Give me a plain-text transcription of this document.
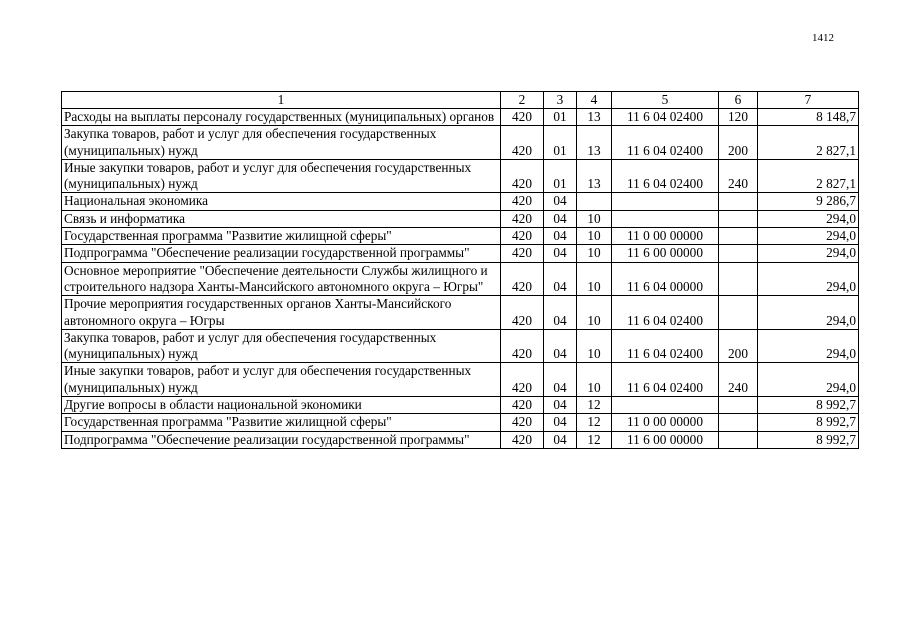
1412
1	2	3	4	5	6	7
Расходы на выплаты персоналу государственных (муниципальных) органов	420	01	13	11 6 04 02400	120	8 148,7
Закупка товаров, работ и услуг для обеспечения государственных (муниципальных) нужд	420	01	13	11 6 04 02400	200	2 827,1
Иные закупки товаров, работ и услуг для обеспечения государственных (муниципальных) нужд	420	01	13	11 6 04 02400	240	2 827,1
Национальная экономика	420	04				9 286,7
Связь и информатика	420	04	10			294,0
Государственная программа "Развитие жилищной сферы"	420	04	10	11 0 00 00000		294,0
Подпрограмма "Обеспечение реализации государственной программы"	420	04	10	11 6 00 00000		294,0
Основное мероприятие "Обеспечение деятельности Службы жилищного и строительного надзора Ханты-Мансийского автономного округа – Югры"	420	04	10	11 6 04 00000		294,0
Прочие мероприятия государственных органов Ханты-Мансийского автономного округа – Югры	420	04	10	11 6 04 02400		294,0
Закупка товаров, работ и услуг для обеспечения государственных (муниципальных) нужд	420	04	10	11 6 04 02400	200	294,0
Иные закупки товаров, работ и услуг для обеспечения государственных (муниципальных) нужд	420	04	10	11 6 04 02400	240	294,0
Другие вопросы в области национальной экономики	420	04	12			8 992,7
Государственная программа "Развитие жилищной сферы"	420	04	12	11 0 00 00000		8 992,7
Подпрограмма "Обеспечение реализации государственной программы"	420	04	12	11 6 00 00000		8 992,7
